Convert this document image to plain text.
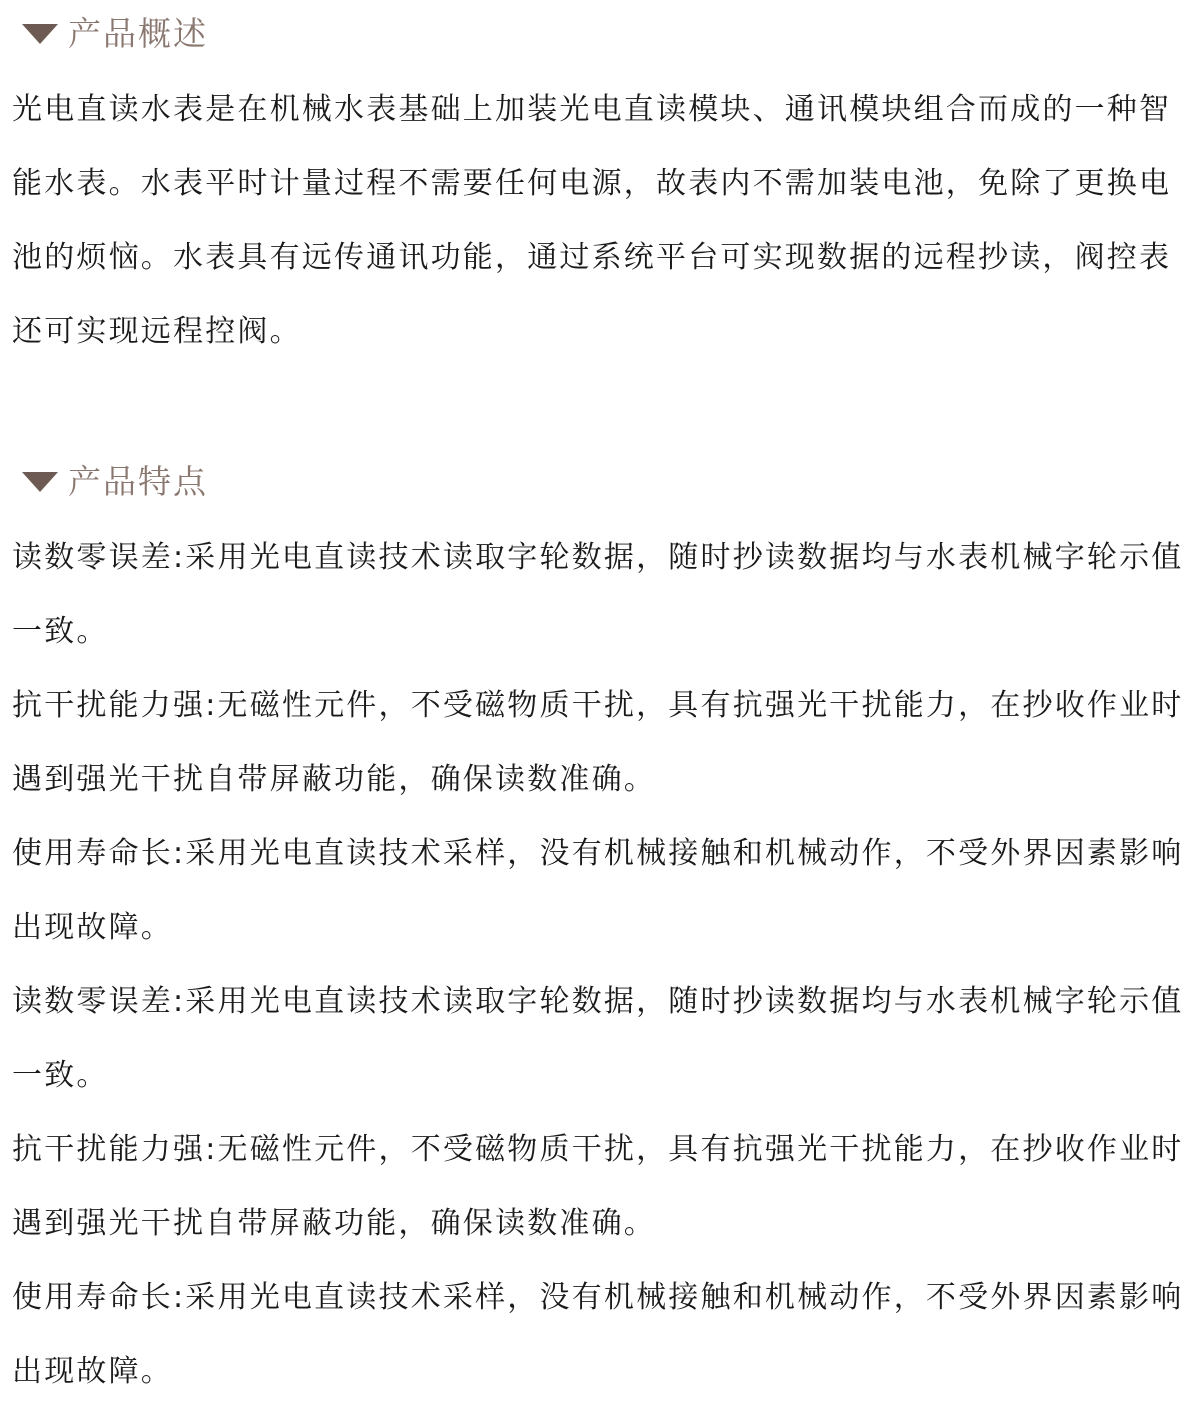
产品概述
光电直读水表是在机械水表基础上加装光电直读模块、通讯模块组合而成的一种智
能水表。水表平时计量过程不需要任何电源，故表内不需加装电池，免除了更换电
池的烦恼。水表具有远传通讯功能，通过系统平台可实现数据的远程抄读，阀控表
还可实现远程控阀。
产品特点
读数零误差:采用光电直读技术读取字轮数据，随时抄读数据均与水表机械字轮示值
一致。
抗干扰能力强:无磁性元件，不受磁物质干扰，具有抗强光干扰能力，在抄收作业时
遇到强光干扰自带屏蔽功能，确保读数准确。
使用寿命长:采用光电直读技术采样，没有机械接触和机械动作，不受外界因素影响
出现故障。
读数零误差:采用光电直读技术读取字轮数据，随时抄读数据均与水表机械字轮示值
一致。
抗干扰能力强:无磁性元件，不受磁物质干扰，具有抗强光干扰能力，在抄收作业时
遇到强光干扰自带屏蔽功能，确保读数准确。
使用寿命长:采用光电直读技术采样，没有机械接触和机械动作，不受外界因素影响
出现故障。
